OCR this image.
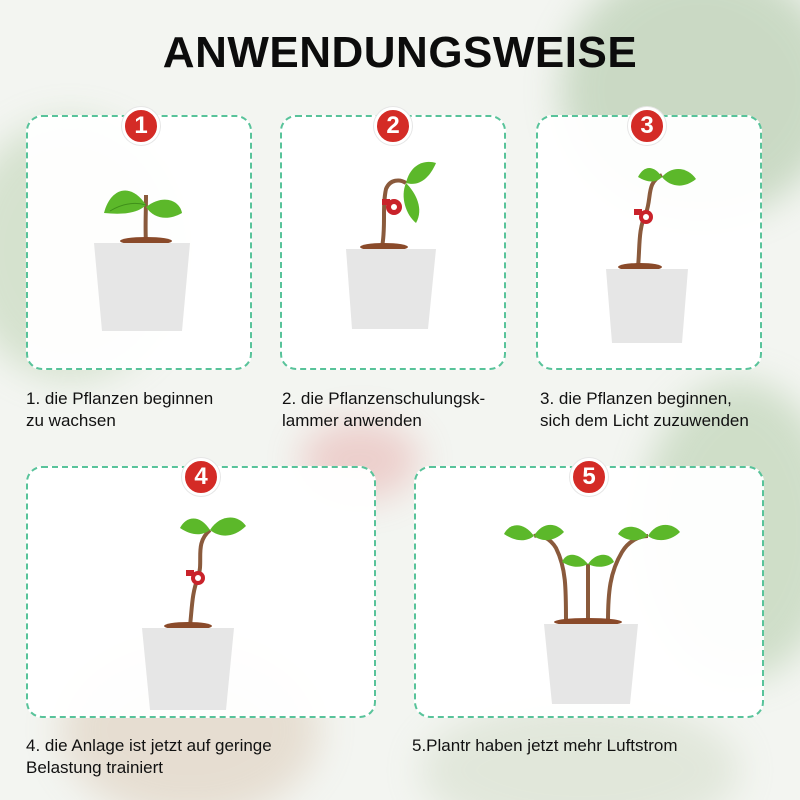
ANWENDUNGSWEISE
1
1. die Pflanzen beginnen
zu wachsen
2
2. die Pflanzenschulungsk-
lammer anwenden
3
3. die Pflanzen beginnen,
sich dem Licht zuzuwenden
4
4. die Anlage ist jetzt auf geringe
Belastung trainiert
5
5.Plantr haben jetzt mehr Luftstrom
